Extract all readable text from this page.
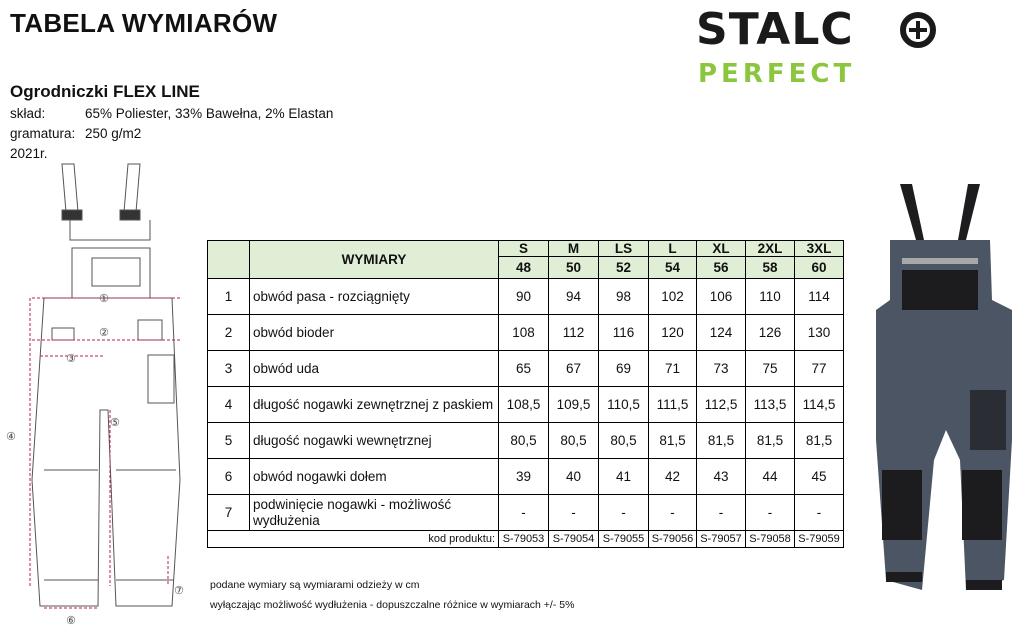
TABELA WYMIARÓW	STALC
PERFECT
Ogrodniczki FLEX LINE
skład:	65% Poliester, 33% Bawełna, 2% Elastan
gramatura: 250 g/m2
2021r.
①
②
③
④
⑤
⑥
⑦
	WYMIARY	S	M	LS	L	XL	2XL	3XL
		48	50	52	54	56	58	60
1	obwód pasa - rozciągnięty	90	94	98	102	106	110	114
2	obwód bioder	108	112	116	120	124	126	130
3	obwód uda	65	67	69	71	73	75	77
4	długość nogawki zewnętrznej z paskiem	108,5	109,5	110,5	111,5	112,5	113,5	114,5
5	długość nogawki wewnętrznej	80,5	80,5	80,5	81,5	81,5	81,5	81,5
6	obwód nogawki dołem	39	40	41	42	43	44	45
7	podwinięcie nogawki - możliwość wydłużenia	-	-	-	-	-	-	-
kod produktu:		S-79053	S-79054	S-79055	S-79056	S-79057	S-79058	S-79059
podane wymiary są wymiarami odzieży w cm
wyłączając możliwość wydłużenia - dopuszczalne różnice w wymiarach +/- 5%
